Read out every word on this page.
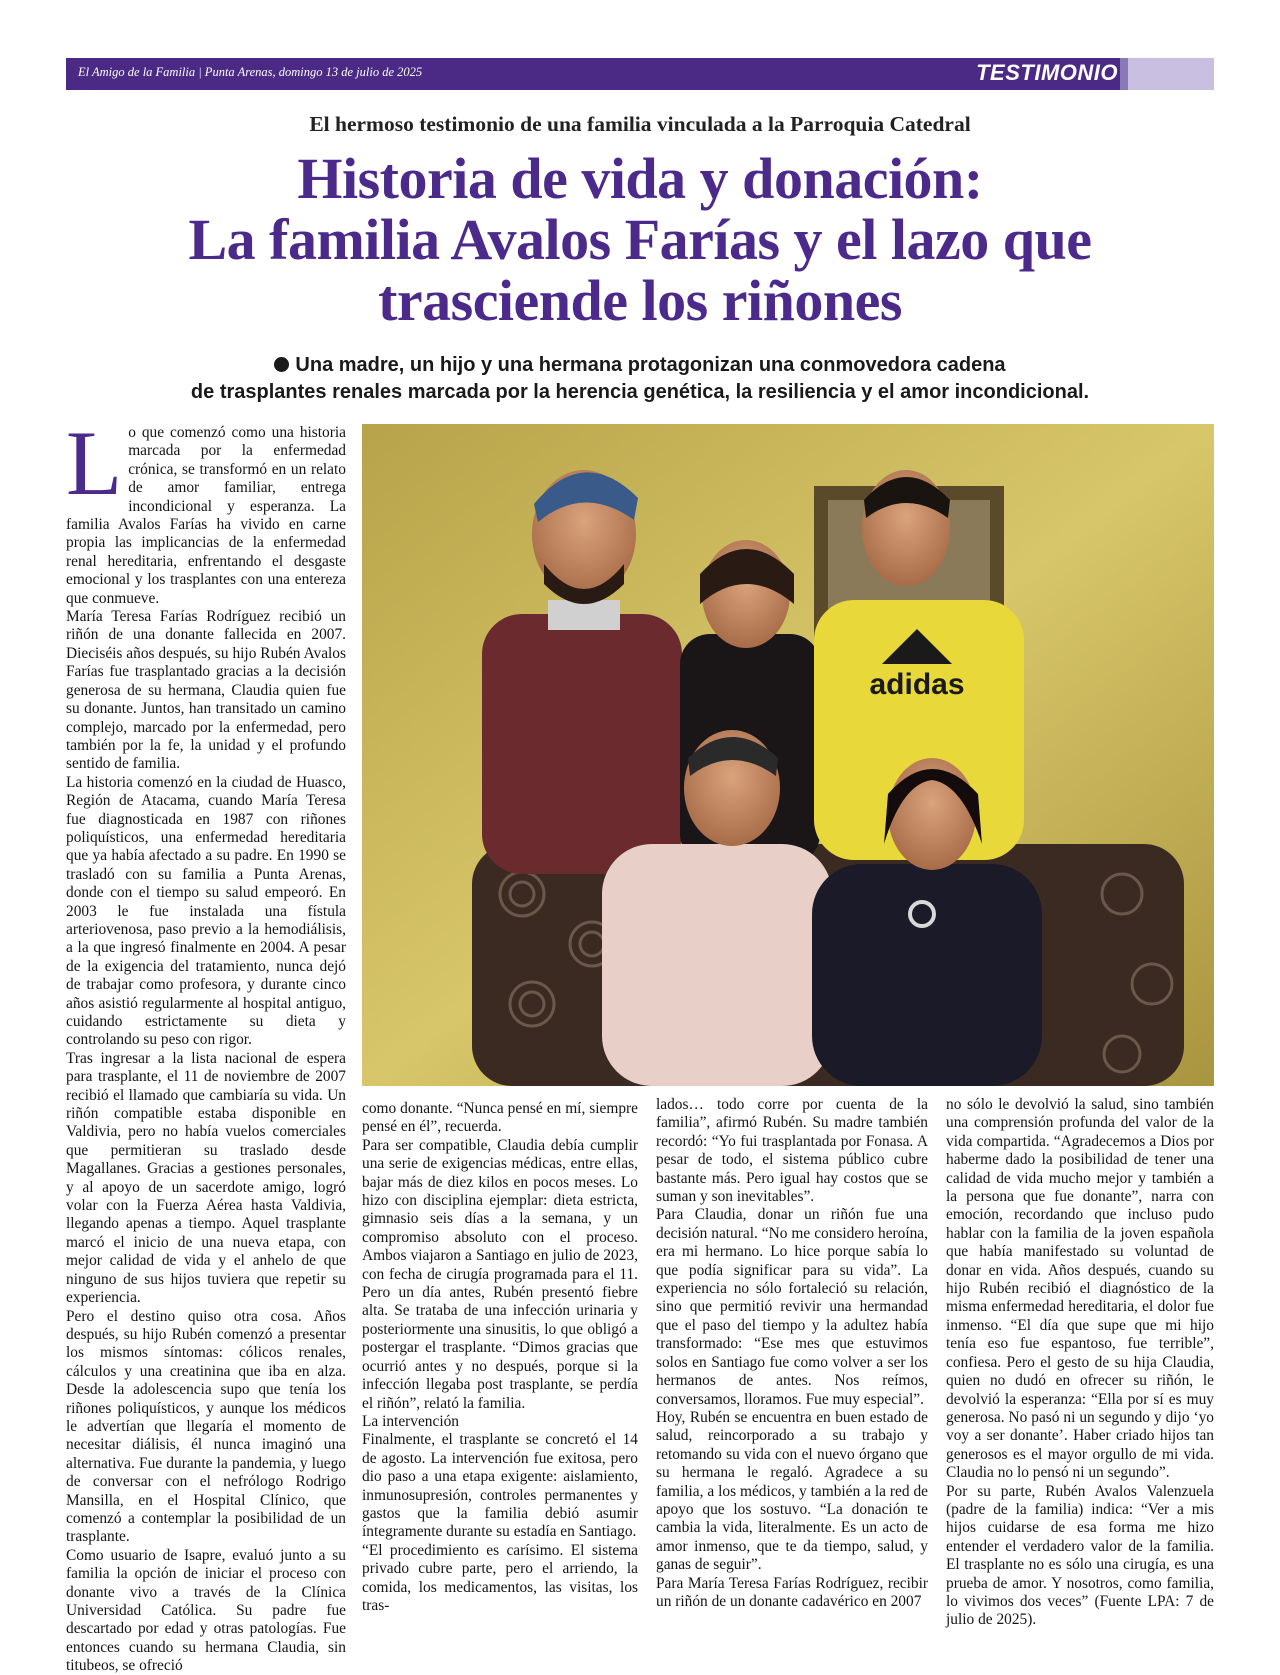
El Amigo de la Familia | Punta Arenas, domingo 13 de julio de 2025	TESTIMONIO
El hermoso testimonio de una familia vinculada a la Parroquia Catedral
Historia de vida y donación:
La familia Avalos Farías y el lazo que
trasciende los riñones
Una madre, un hijo y una hermana protagonizan una conmovedora cadena
de trasplantes renales marcada por la herencia genética, la resiliencia y el amor incondicional.
adidas
L o que comenzó como una historia marcada por la enfermedad crónica, se transformó en un relato de amor familiar, entrega incondicional y esperanza. La familia Avalos Farías ha vivido en carne propia las implicancias de la enfermedad renal hereditaria, enfrentando el desgaste emocional y los trasplantes con una entereza que conmueve.

María Teresa Farías Rodríguez recibió un riñón de una donante fallecida en 2007. Dieciséis años después, su hijo Rubén Avalos Farías fue trasplantado gracias a la decisión generosa de su hermana, Claudia quien fue su donante. Juntos, han transitado un camino complejo, marcado por la enfermedad, pero también por la fe, la unidad y el profundo sentido de familia.

La historia comenzó en la ciudad de Huasco, Región de Atacama, cuando María Teresa fue diagnosticada en 1987 con riñones poliquísticos, una enfermedad hereditaria que ya había afectado a su padre. En 1990 se trasladó con su familia a Punta Arenas, donde con el tiempo su salud empeoró. En 2003 le fue instalada una fístula arteriovenosa, paso previo a la hemodiálisis, a la que ingresó finalmente en 2004. A pesar de la exigencia del tratamiento, nunca dejó de trabajar como profesora, y durante cinco años asistió regularmente al hospital antiguo, cuidando estrictamente su dieta y controlando su peso con rigor.

Tras ingresar a la lista nacional de espera para trasplante, el 11 de noviembre de 2007 recibió el llamado que cambiaría su vida. Un riñón compatible estaba disponible en Valdivia, pero no había vuelos comerciales que permitieran su traslado desde Magallanes. Gracias a gestiones personales, y al apoyo de un sacerdote amigo, logró volar con la Fuerza Aérea hasta Valdivia, llegando apenas a tiempo. Aquel trasplante marcó el inicio de una nueva etapa, con mejor calidad de vida y el anhelo de que ninguno de sus hijos tuviera que repetir su experiencia.

Pero el destino quiso otra cosa. Años después, su hijo Rubén comenzó a presentar los mismos síntomas: cólicos renales, cálculos y una creatinina que iba en alza. Desde la adolescencia supo que tenía los riñones poliquísticos, y aunque los médicos le advertían que llegaría el momento de necesitar diálisis, él nunca imaginó una alternativa. Fue durante la pandemia, y luego de conversar con el nefrólogo Rodrigo Mansilla, en el Hospital Clínico, que comenzó a contemplar la posibilidad de un trasplante.

Como usuario de Isapre, evaluó junto a su familia la opción de iniciar el proceso con donante vivo a través de la Clínica Universidad Católica. Su padre fue descartado por edad y otras patologías. Fue entonces cuando su hermana Claudia, sin titubeos, se ofreció

como donante. “Nunca pensé en mí, siempre pensé en él”, recuerda.

Para ser compatible, Claudia debía cumplir una serie de exigencias médicas, entre ellas, bajar más de diez kilos en pocos meses. Lo hizo con disciplina ejemplar: dieta estricta, gimnasio seis días a la semana, y un compromiso absoluto con el proceso. Ambos viajaron a Santiago en julio de 2023, con fecha de cirugía programada para el 11. Pero un día antes, Rubén presentó fiebre alta. Se trataba de una infección urinaria y posteriormente una sinusitis, lo que obligó a postergar el trasplante. “Dimos gracias que ocurrió antes y no después, porque si la infección llegaba post trasplante, se perdía el riñón”, relató la familia.

La intervención

Finalmente, el trasplante se concretó el 14 de agosto. La intervención fue exitosa, pero dio paso a una etapa exigente: aislamiento, inmunosupresión, controles permanentes y gastos que la familia debió asumir íntegramente durante su estadía en Santiago.

“El procedimiento es carísimo. El sistema privado cubre parte, pero el arriendo, la comida, los medicamentos, las visitas, los tras-

lados… todo corre por cuenta de la familia”, afirmó Rubén. Su madre también recordó: “Yo fui trasplantada por Fonasa. A pesar de todo, el sistema público cubre bastante más. Pero igual hay costos que se suman y son inevitables”.

Para Claudia, donar un riñón fue una decisión natural. “No me considero heroína, era mi hermano. Lo hice porque sabía lo que podía significar para su vida”. La experiencia no sólo fortaleció su relación, sino que permitió revivir una hermandad que el paso del tiempo y la adultez había transformado: “Ese mes que estuvimos solos en Santiago fue como volver a ser los hermanos de antes. Nos reímos, conversamos, lloramos. Fue muy especial”.

Hoy, Rubén se encuentra en buen estado de salud, reincorporado a su trabajo y retomando su vida con el nuevo órgano que su hermana le regaló. Agradece a su familia, a los médicos, y también a la red de apoyo que los sostuvo. “La donación te cambia la vida, literalmente. Es un acto de amor inmenso, que te da tiempo, salud, y ganas de seguir”.

Para María Teresa Farías Rodríguez, recibir un riñón de un donante cadavérico en 2007

no sólo le devolvió la salud, sino también una comprensión profunda del valor de la vida compartida. “Agradecemos a Dios por haberme dado la posibilidad de tener una calidad de vida mucho mejor y también a la persona que fue donante”, narra con emoción, recordando que incluso pudo hablar con la familia de la joven española que había manifestado su voluntad de donar en vida. Años después, cuando su hijo Rubén recibió el diagnóstico de la misma enfermedad hereditaria, el dolor fue inmenso. “El día que supe que mi hijo tenía eso fue espantoso, fue terrible”, confiesa. Pero el gesto de su hija Claudia, quien no dudó en ofrecer su riñón, le devolvió la esperanza: “Ella por sí es muy generosa. No pasó ni un segundo y dijo ‘yo voy a ser donante’. Haber criado hijos tan generosos es el mayor orgullo de mi vida. Claudia no lo pensó ni un segundo”.

Por su parte, Rubén Avalos Valenzuela (padre de la familia) indica: “Ver a mis hijos cuidarse de esa forma me hizo entender el verdadero valor de la familia. El trasplante no es sólo una cirugía, es una prueba de amor. Y nosotros, como familia, lo vivimos dos veces” (Fuente LPA: 7 de julio de 2025).
